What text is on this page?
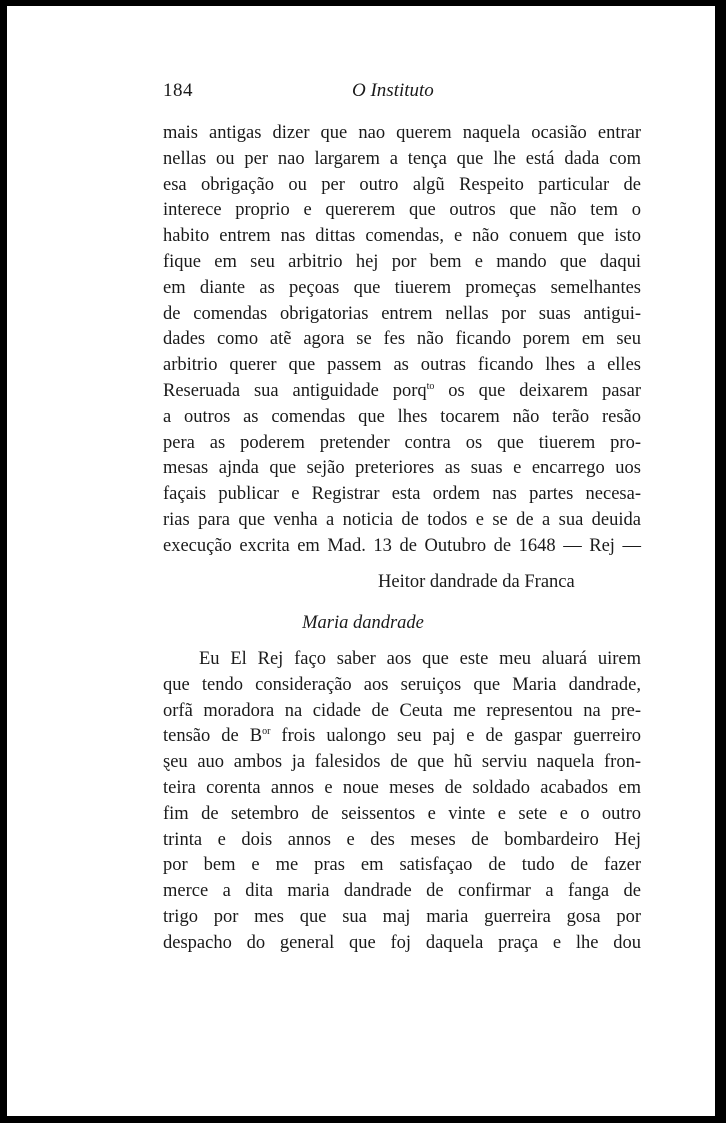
184	O Instituto
mais antigas dizer que nao querem naquela ocasião entrar
nellas ou per nao largarem a tença que lhe está dada com
esa obrigação ou per outro algũ Respeito particular de
interece proprio e quererem que outros que não tem o
habito entrem nas dittas comendas, e não conuem que isto
fique em seu arbitrio hej por bem e mando que daqui
em diante as peçoas que tiuerem promeças semelhantes
de comendas obrigatorias entrem nellas por suas antigui-
dades como atẽ agora se fes não ficando porem em seu
arbitrio querer que passem as outras ficando lhes a elles
Reseruada sua antiguidade porq$^{to}$ os que deixarem pasar
a outros as comendas que lhes tocarem não terão resão
pera as poderem pretender contra os que tiuerem pro-
mesas ajnda que sejão preteriores as suas e encarrego uos
façais publicar e Registrar esta ordem nas partes necesa-
rias para que venha a noticia de todos e se de a sua deuida
execução excrita em Mad. 13 de Outubro de 1648 — Rej —
Heitor dandrade da Franca
Maria dandrade
Eu El Rej faço saber aos que este meu aluará uirem
que tendo consideração aos seruiços que Maria dandrade,
orfã moradora na cidade de Ceuta me representou na pre-
tensão de $B^{or}$ frois ualongo seu paj e de gaspar guerreiro
ȿeu auo ambos ja falesidos de que hũ serviu naquela fron-
teira corenta annos e noue meses de soldado acabados em
fim de setembro de seissentos e vinte e sete e o outro
trinta e dois annos e des meses de bombardeiro Hej
por bem e me pras em satisfaçao de tudo de fazer
merce a dita maria dandrade de confirmar a fanga de
trigo por mes que sua maj maria guerreira gosa por
despacho do general que foj daquela praça e lhe dou
